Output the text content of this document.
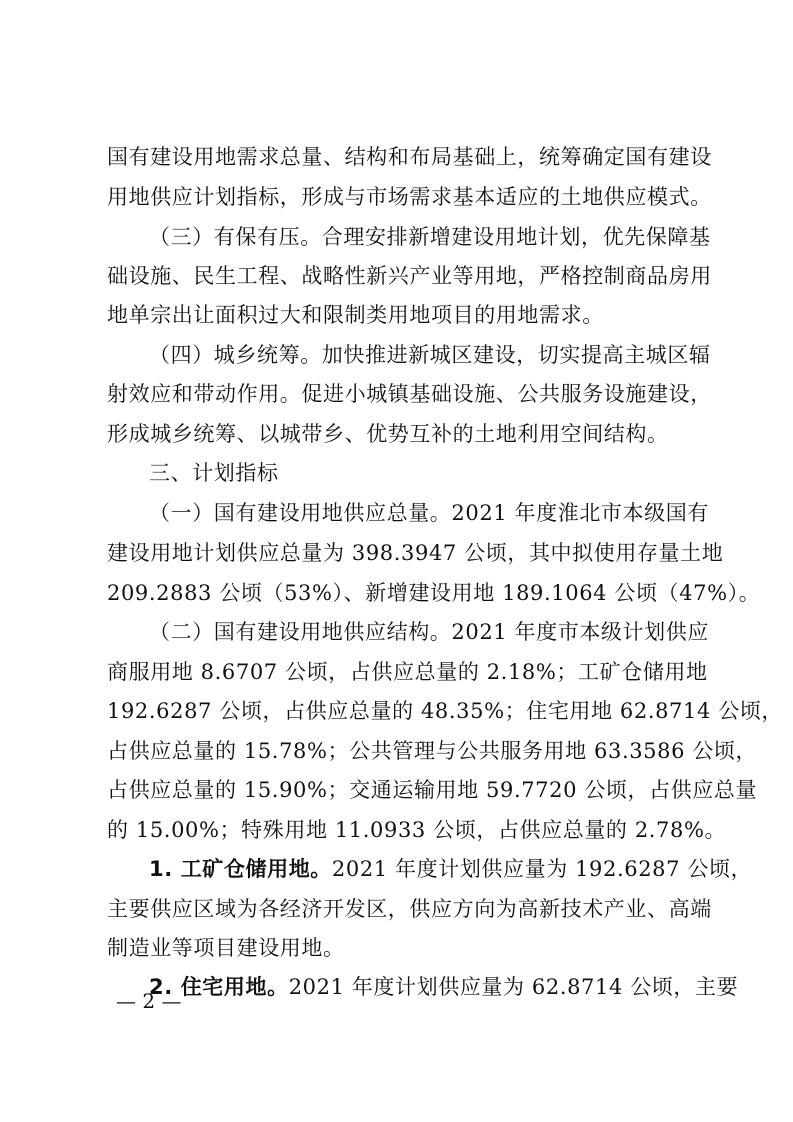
国有建设用地需求总量、结构和布局基础上，统筹确定国有建设
用地供应计划指标，形成与市场需求基本适应的土地供应模式。
（三）有保有压。合理安排新增建设用地计划，优先保障基
础设施、民生工程、战略性新兴产业等用地，严格控制商品房用
地单宗出让面积过大和限制类用地项目的用地需求。
（四）城乡统筹。加快推进新城区建设，切实提高主城区辐
射效应和带动作用。促进小城镇基础设施、公共服务设施建设，
形成城乡统筹、以城带乡、优势互补的土地利用空间结构。
三、计划指标
（一）国有建设用地供应总量。2021 年度淮北市本级国有
建设用地计划供应总量为 398.3947 公顷，其中拟使用存量土地
209.2883 公顷（53%）、新增建设用地 189.1064 公顷（47%）。
（二）国有建设用地供应结构。2021 年度市本级计划供应
商服用地 8.6707 公顷，占供应总量的 2.18%；工矿仓储用地
192.6287 公顷，占供应总量的 48.35%；住宅用地 62.8714 公顷，
占供应总量的 15.78%；公共管理与公共服务用地 63.3586 公顷，
占供应总量的 15.90%；交通运输用地 59.7720 公顷，占供应总量
的 15.00%；特殊用地 11.0933 公顷，占供应总量的 2.78%。
1. 工矿仓储用地。2021 年度计划供应量为 192.6287 公顷，
主要供应区域为各经济开发区，供应方向为高新技术产业、高端
制造业等项目建设用地。
2. 住宅用地。2021 年度计划供应量为 62.8714 公顷，主要
— 2 —
